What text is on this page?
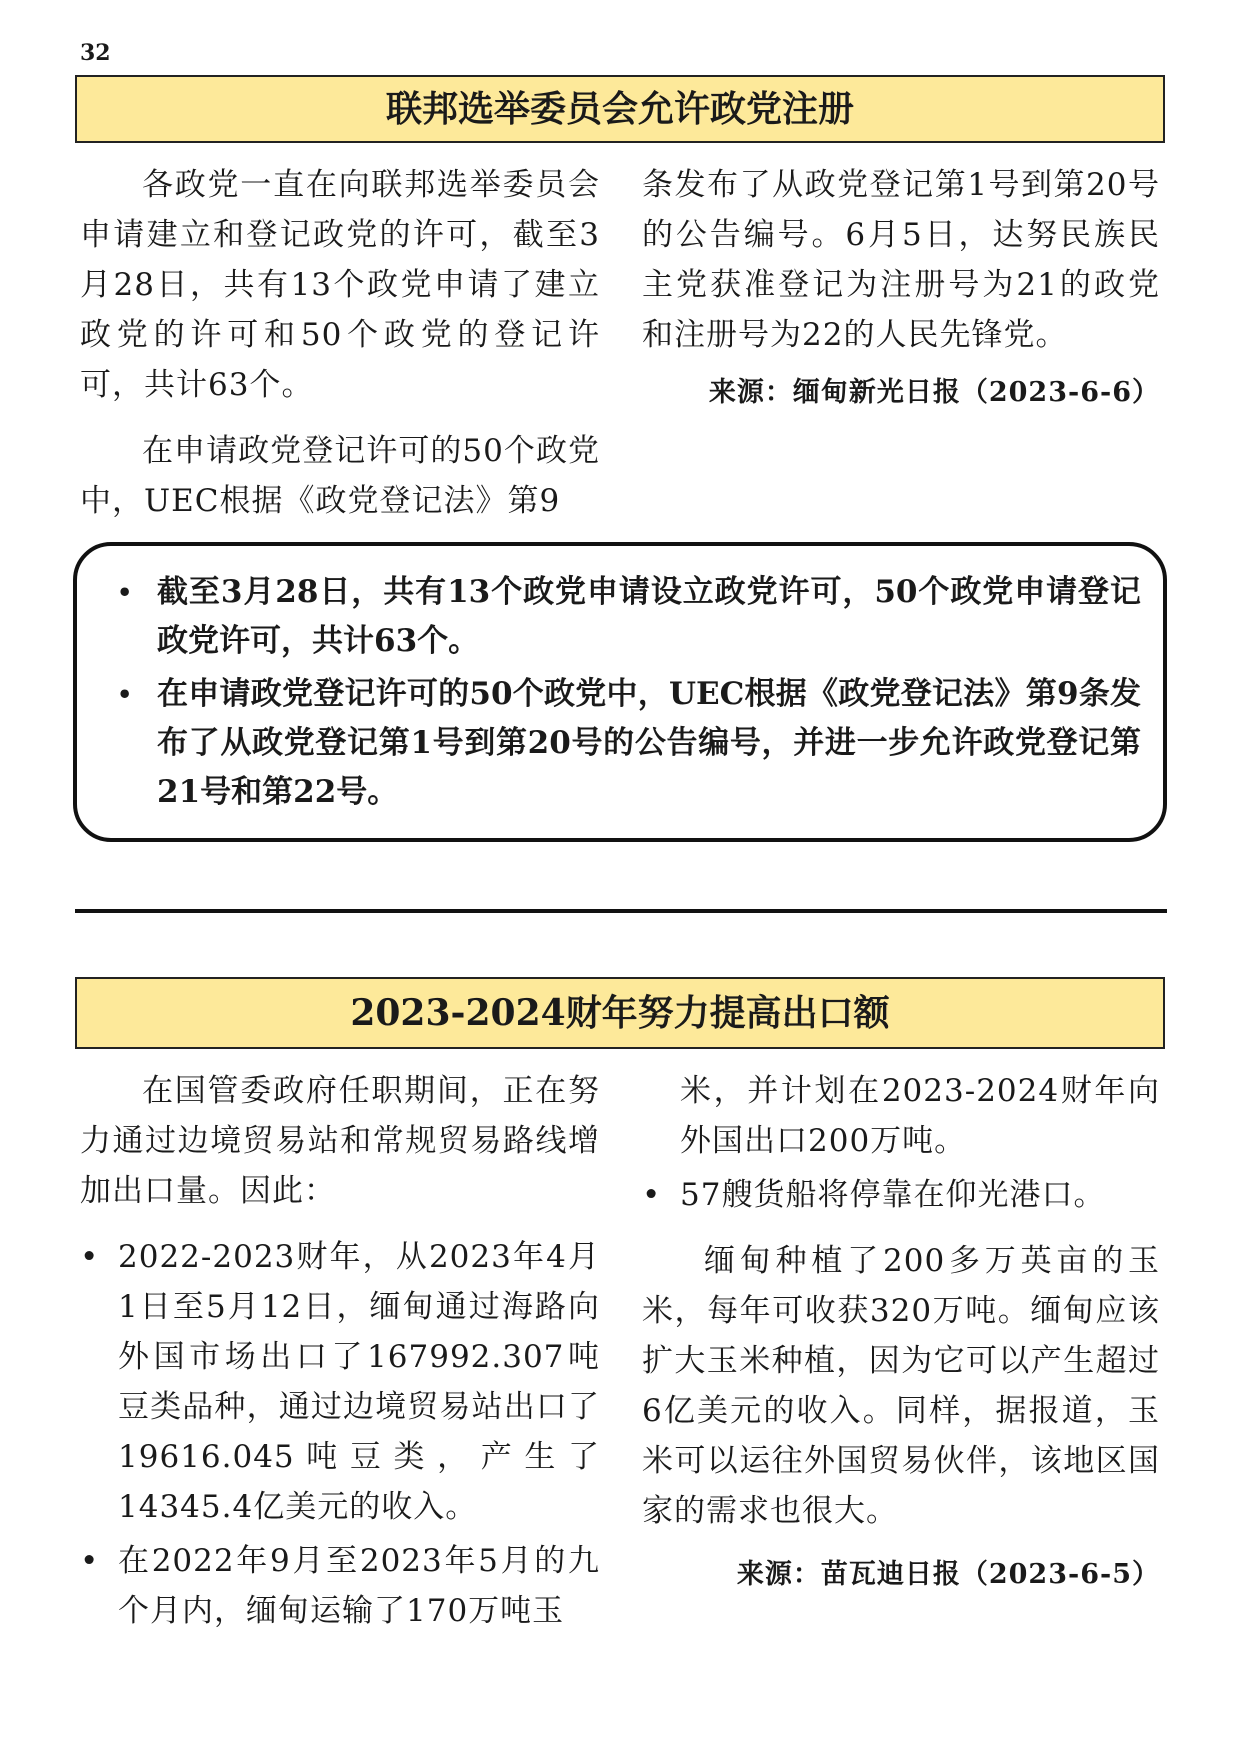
32
联邦选举委员会允许政党注册

各政党一直在向联邦选举委员会申请建立和登记政党的许可，截至3月28日，共有13个政党申请了建立政党的许可和50个政党的登记许可，共计63个。

在申请政党登记许可的50个政党中，UEC根据《政党登记法》第9

条发布了从政党登记第1号到第20号的公告编号。6月5日，达努民族民主党获准登记为注册号为21的政党和注册号为22的人民先锋党。

来源：缅甸新光日报（2023-6-6）
• 截至3月28日，共有13个政党申请设立政党许可，50个政党申请登记政党许可，共计63个。
• 在申请政党登记许可的50个政党中，UEC根据《政党登记法》第9条发布了从政党登记第1号到第20号的公告编号，并进一步允许政党登记第21号和第22号。
2023-2024财年努力提高出口额

在国管委政府任职期间，正在努力通过边境贸易站和常规贸易路线增加出口量。因此：

• 2022-2023财年，从2023年4月1日至5月12日，缅甸通过海路向外国市场出口了167992.307吨豆类品种，通过边境贸易站出口了19616.045吨豆类，产生了14345.4亿美元的收入。
• 在2022年9月至2023年5月的九个月内，缅甸运输了170万吨玉
米，并计划在2023-2024财年向外国出口200万吨。
• 57艘货船将停靠在仰光港口。

缅甸种植了200多万英亩的玉米，每年可收获320万吨。缅甸应该扩大玉米种植，因为它可以产生超过6亿美元的收入。同样，据报道，玉米可以运往外国贸易伙伴，该地区国家的需求也很大。

来源：苗瓦迪日报（2023-6-5）
